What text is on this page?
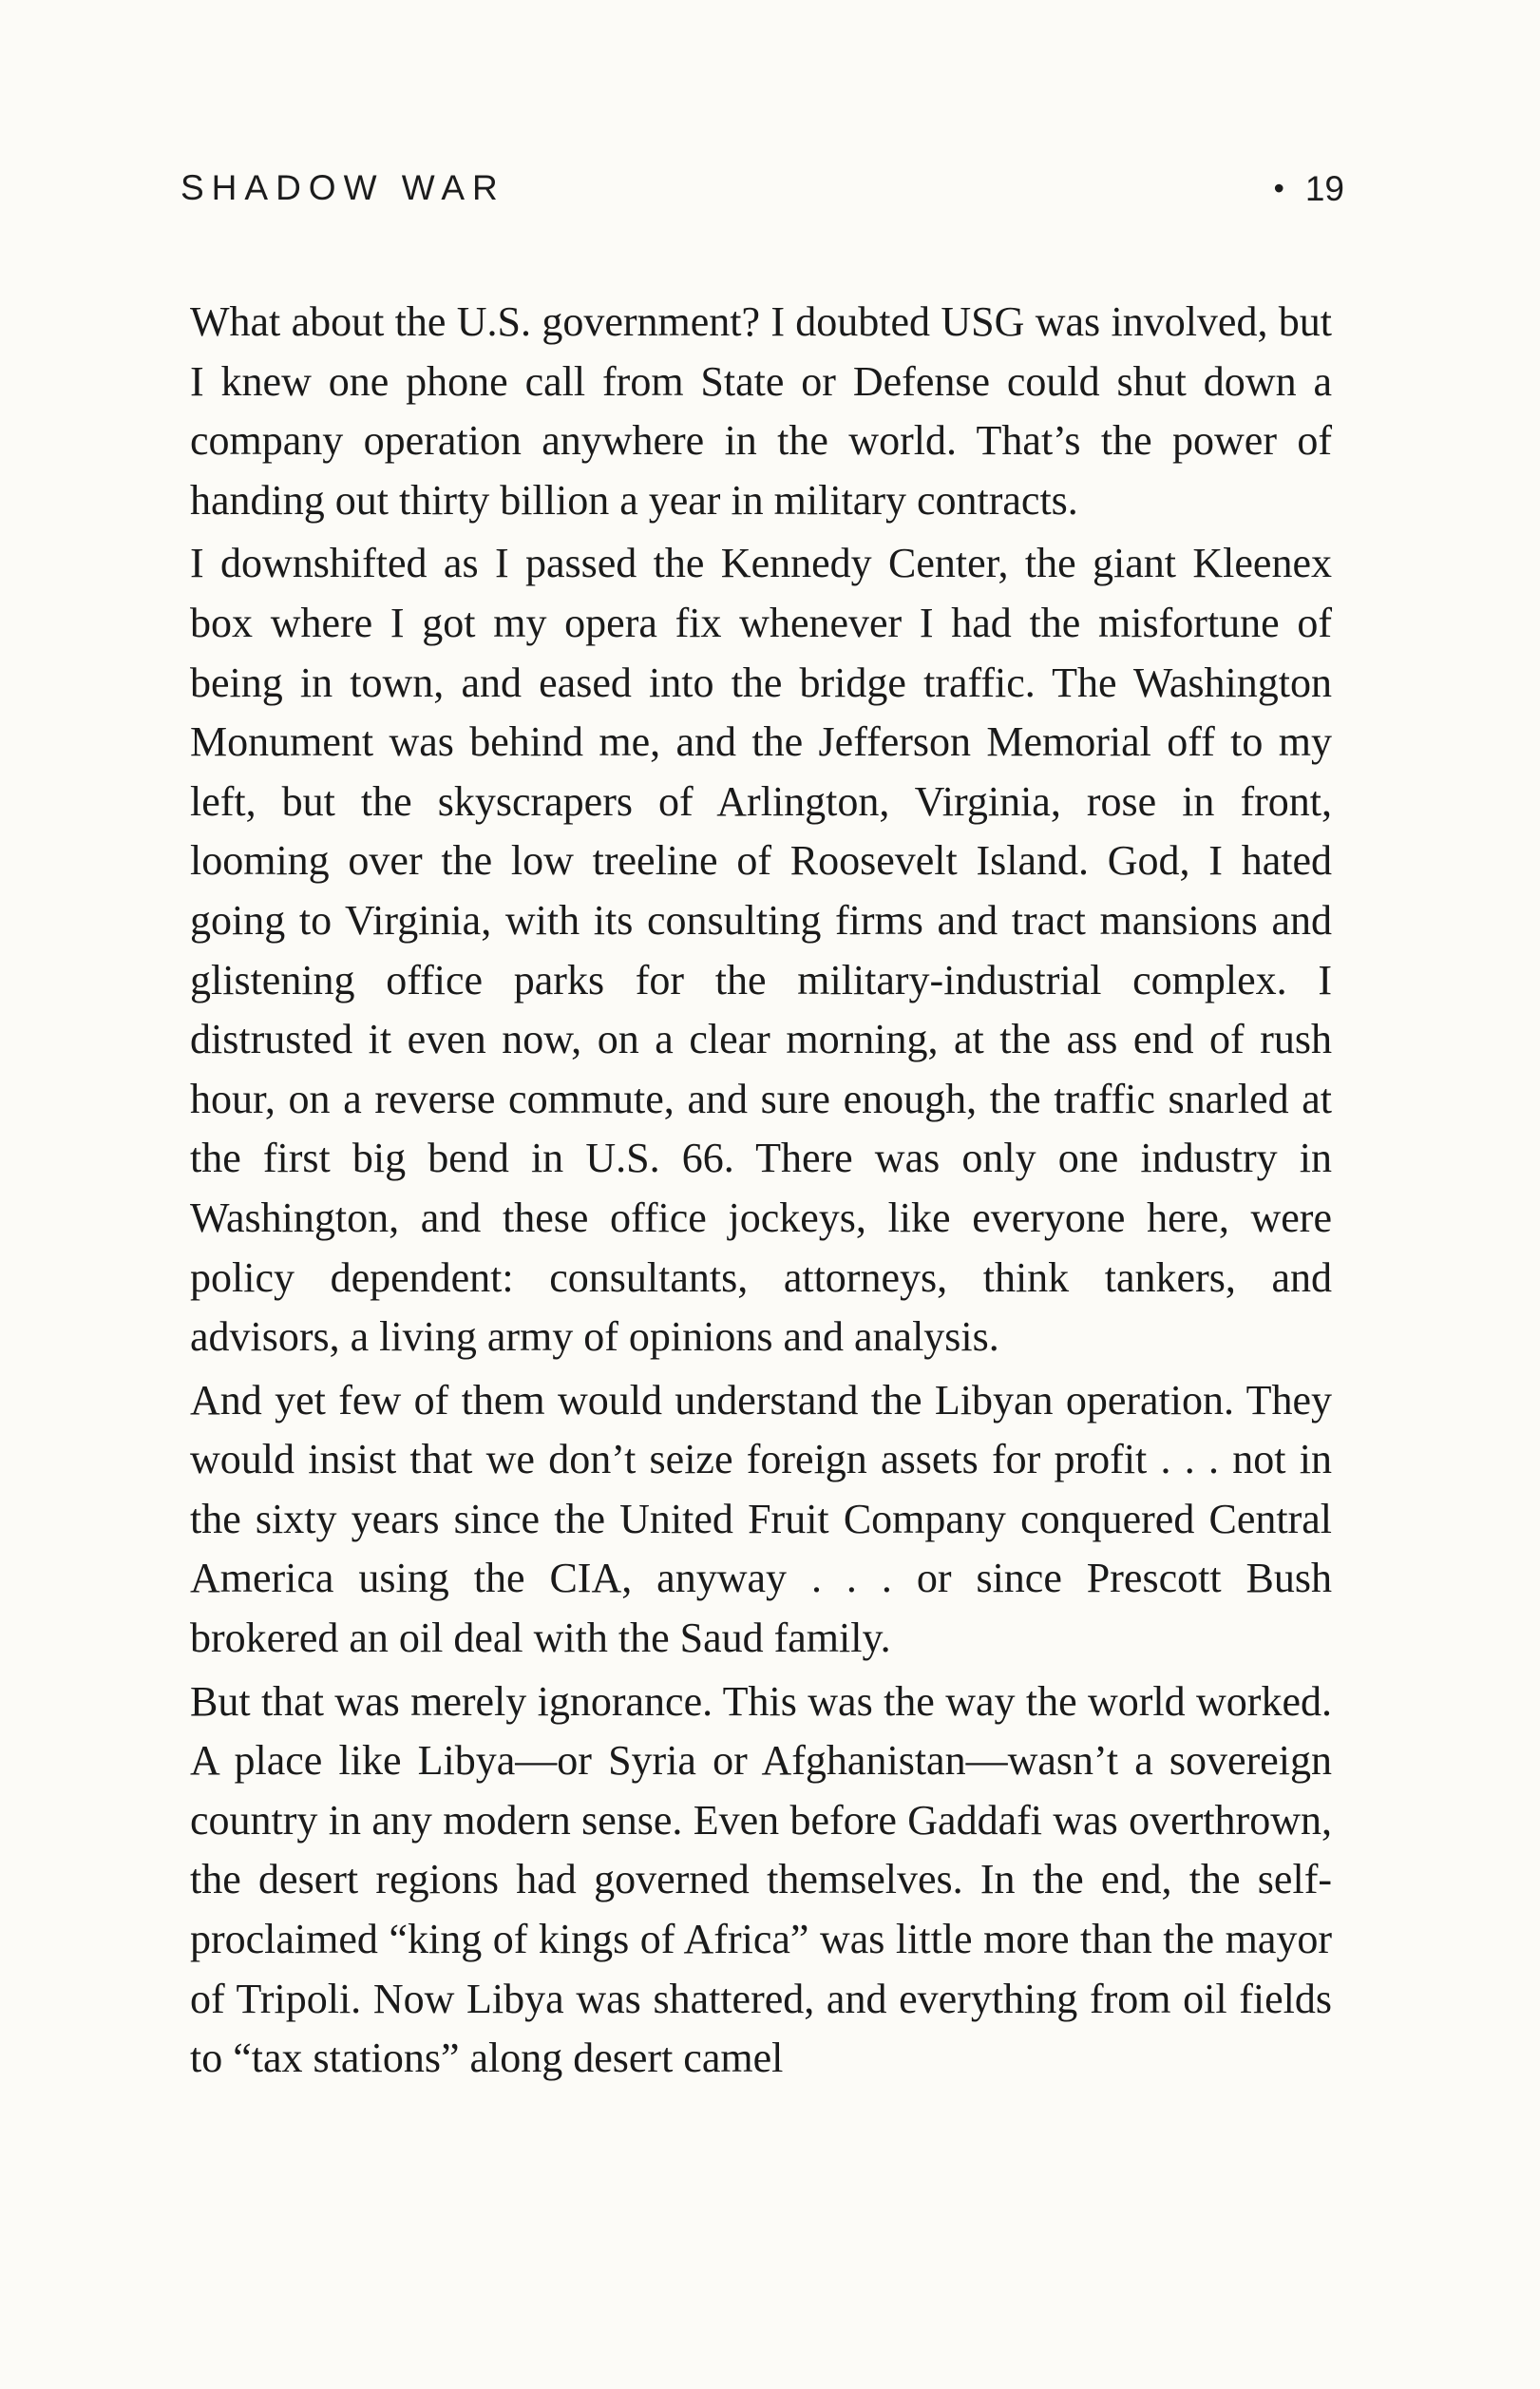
SHADOW WAR	• 19

What about the U.S. government? I doubted USG was involved, but I knew one phone call from State or Defense could shut down a company operation anywhere in the world. That’s the power of handing out thirty billion a year in military contracts.

I downshifted as I passed the Kennedy Center, the giant Kleenex box where I got my opera fix whenever I had the misfortune of being in town, and eased into the bridge traffic. The Washington Monument was behind me, and the Jefferson Memorial off to my left, but the skyscrapers of Arlington, Virginia, rose in front, looming over the low treeline of Roosevelt Island. God, I hated going to Virginia, with its consulting firms and tract mansions and glistening office parks for the military-industrial complex. I distrusted it even now, on a clear morning, at the ass end of rush hour, on a reverse commute, and sure enough, the traffic snarled at the first big bend in U.S. 66. There was only one industry in Washington, and these office jockeys, like everyone here, were policy dependent: consultants, attorneys, think tankers, and advisors, a living army of opinions and analysis.

And yet few of them would understand the Libyan operation. They would insist that we don’t seize foreign assets for profit . . . not in the sixty years since the United Fruit Company conquered Central America using the CIA, anyway . . . or since Prescott Bush brokered an oil deal with the Saud family.

But that was merely ignorance. This was the way the world worked. A place like Libya—or Syria or Afghanistan—wasn’t a sovereign country in any modern sense. Even before Gaddafi was overthrown, the desert regions had governed themselves. In the end, the self-proclaimed “king of kings of Africa” was little more than the mayor of Tripoli. Now Libya was shattered, and everything from oil fields to “tax stations” along desert camel
